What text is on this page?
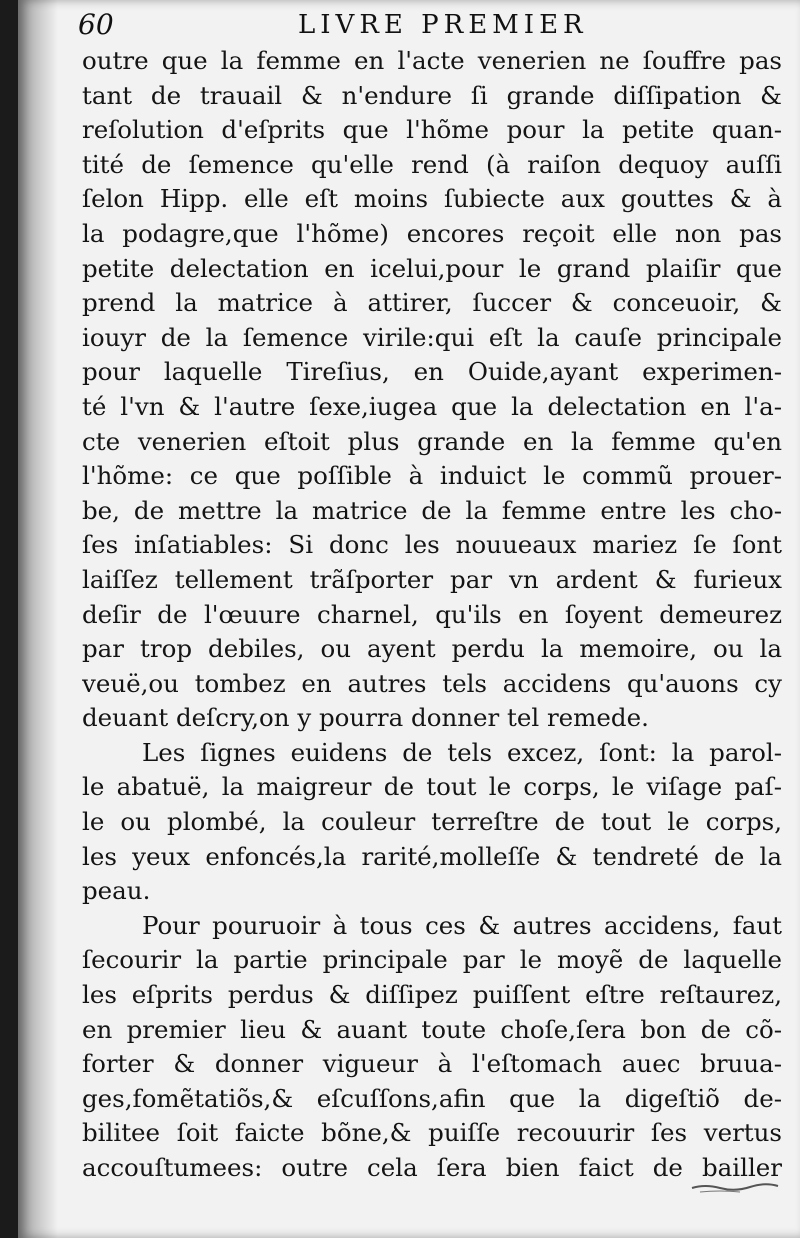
60	LIVRE PREMIER
outre que la femme en l'acte venerien ne ſouffre pas
tant de trauail & n'endure ſi grande diſſipation &
reſolution d'eſprits que l'hõme pour la petite quan-
tité de ſemence qu'elle rend (à raiſon dequoy auſſi
ſelon Hipp. elle eſt moins ſubiecte aux gouttes & à
la podagre,que l'hõme) encores reçoit elle non pas
petite delectation en icelui,pour le grand plaiſir que
prend la matrice à attirer, ſuccer & conceuoir, &
iouyr de la ſemence virile:qui eſt la cauſe principale
pour laquelle Tireſius, en Ouide,ayant experimen-
té l'vn & l'autre ſexe,iugea que la delectation en l'a-
cte venerien eſtoit plus grande en la femme qu'en
l'hõme: ce que poſſible à induict le commũ prouer-
be, de mettre la matrice de la femme entre les cho-
ſes inſatiables: Si donc les nouueaux mariez ſe ſont
laiſſez tellement trãſporter par vn ardent & furieux
deſir de l'œuure charnel, qu'ils en ſoyent demeurez
par trop debiles, ou ayent perdu la memoire, ou la
veuë,ou tombez en autres tels accidens qu'auons cy
deuant deſcry,on y pourra donner tel remede.
Les ſignes euidens de tels excez, ſont: la parol-
le abatuë, la maigreur de tout le corps, le viſage paſ-
le ou plombé, la couleur terreſtre de tout le corps,
les yeux enfoncés,la rarité,molleſſe & tendreté de la
peau.
Pour pouruoir à tous ces & autres accidens, faut
ſecourir la partie principale par le moyẽ de laquelle
les eſprits perdus & diſſipez puiſſent eſtre reſtaurez,
en premier lieu & auant toute choſe,ſera bon de cõ-
forter & donner vigueur à l'eſtomach auec bruua-
ges,fomẽtatiõs,& eſcuſſons,afin que la digeſtiõ de-
bilitee ſoit faicte bõne,& puiſſe recouurir ſes vertus
accouſtumees: outre cela ſera bien faict de bailler
